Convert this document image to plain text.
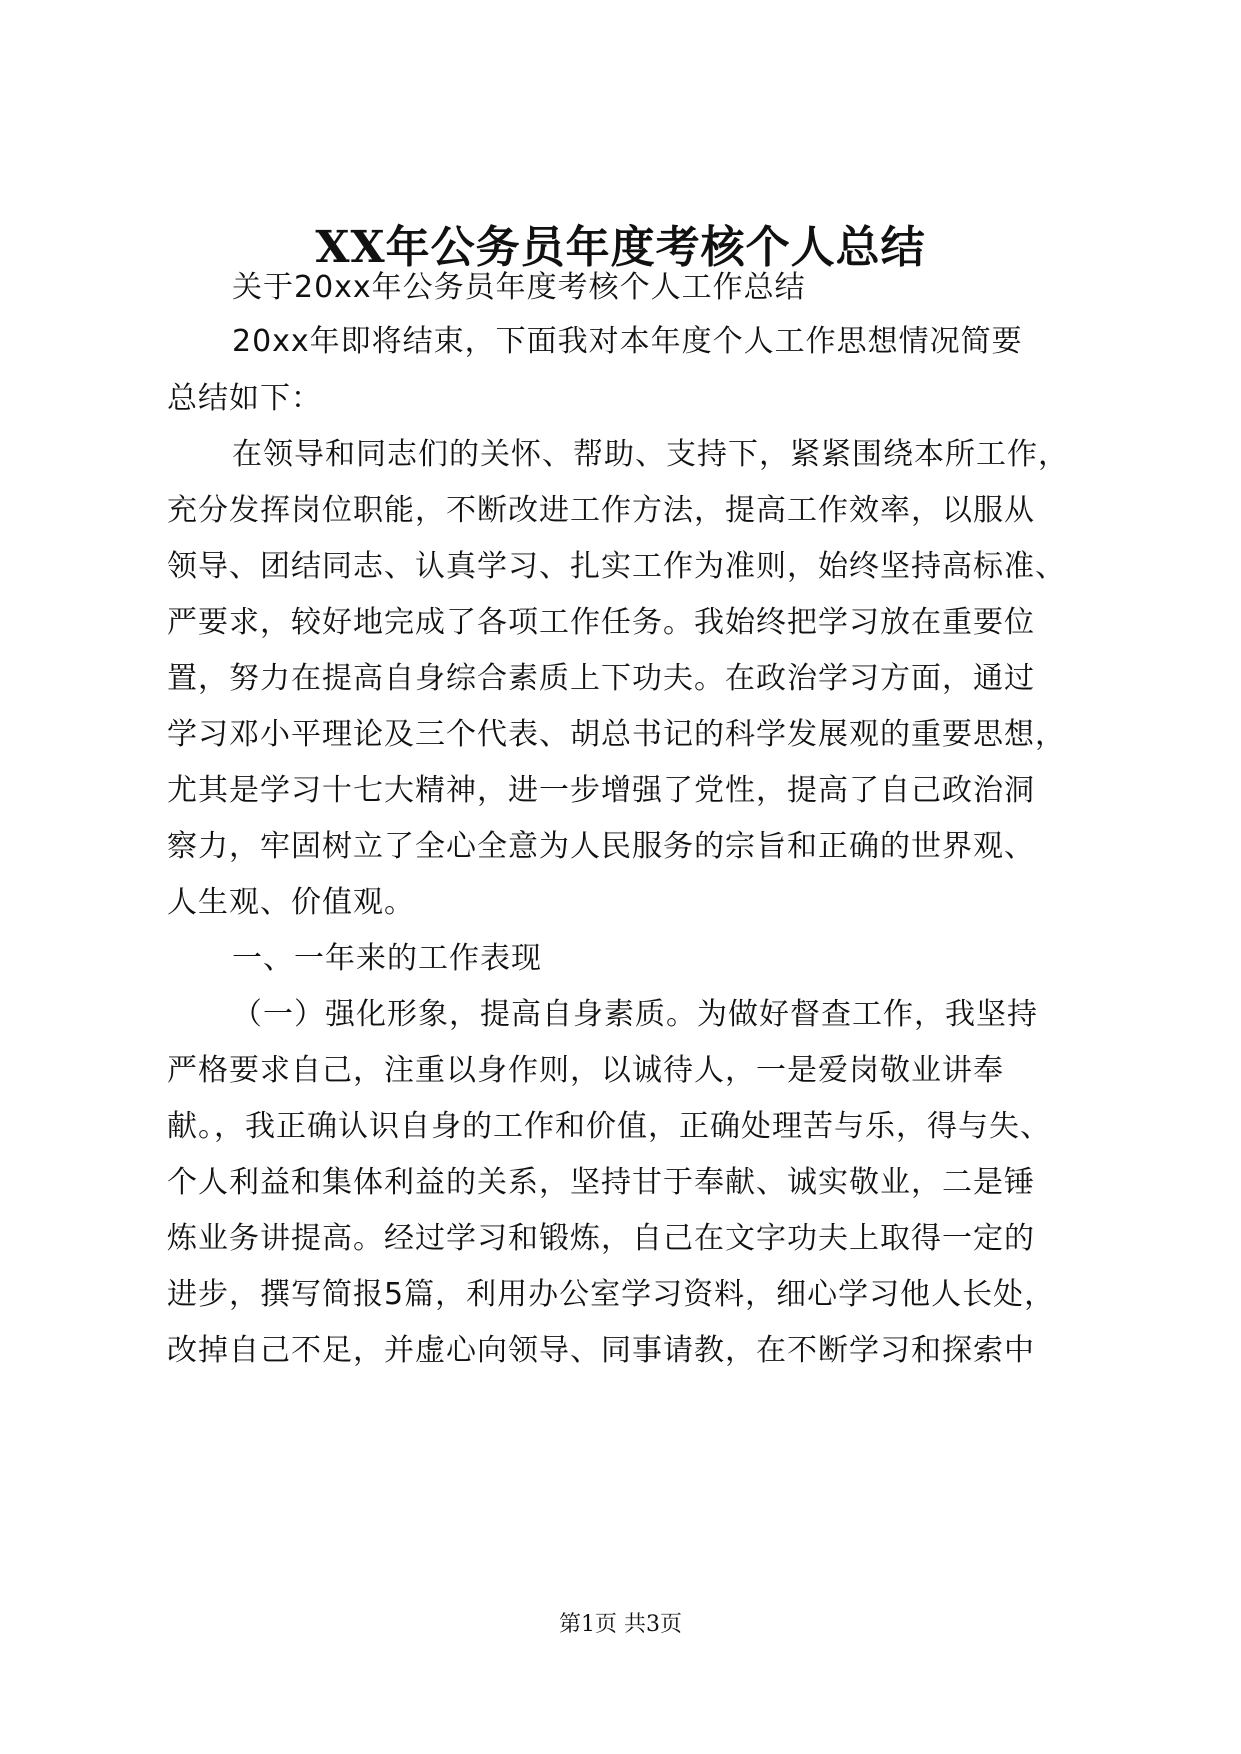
XX年公务员年度考核个人总结

关于20xx年公务员年度考核个人工作总结

20xx年即将结束，下面我对本年度个人工作思想情况简要

总结如下：

在领导和同志们的关怀、帮助、支持下，紧紧围绕本所工作，

充分发挥岗位职能，不断改进工作方法，提高工作效率，以服从

领导、团结同志、认真学习、扎实工作为准则，始终坚持高标准、

严要求，较好地完成了各项工作任务。我始终把学习放在重要位

置，努力在提高自身综合素质上下功夫。在政治学习方面，通过

学习邓小平理论及三个代表、胡总书记的科学发展观的重要思想，

尤其是学习十七大精神，进一步增强了党性，提高了自己政治洞

察力，牢固树立了全心全意为人民服务的宗旨和正确的世界观、

人生观、价值观。

一、一年来的工作表现

（一）强化形象，提高自身素质。为做好督查工作，我坚持

严格要求自己，注重以身作则，以诚待人，一是爱岗敬业讲奉

献。，我正确认识自身的工作和价值，正确处理苦与乐，得与失、

个人利益和集体利益的关系，坚持甘于奉献、诚实敬业，二是锤

炼业务讲提高。经过学习和锻炼，自己在文字功夫上取得一定的

进步，撰写简报5篇，利用办公室学习资料，细心学习他人长处，

改掉自己不足，并虚心向领导、同事请教，在不断学习和探索中

第1页 共3页
